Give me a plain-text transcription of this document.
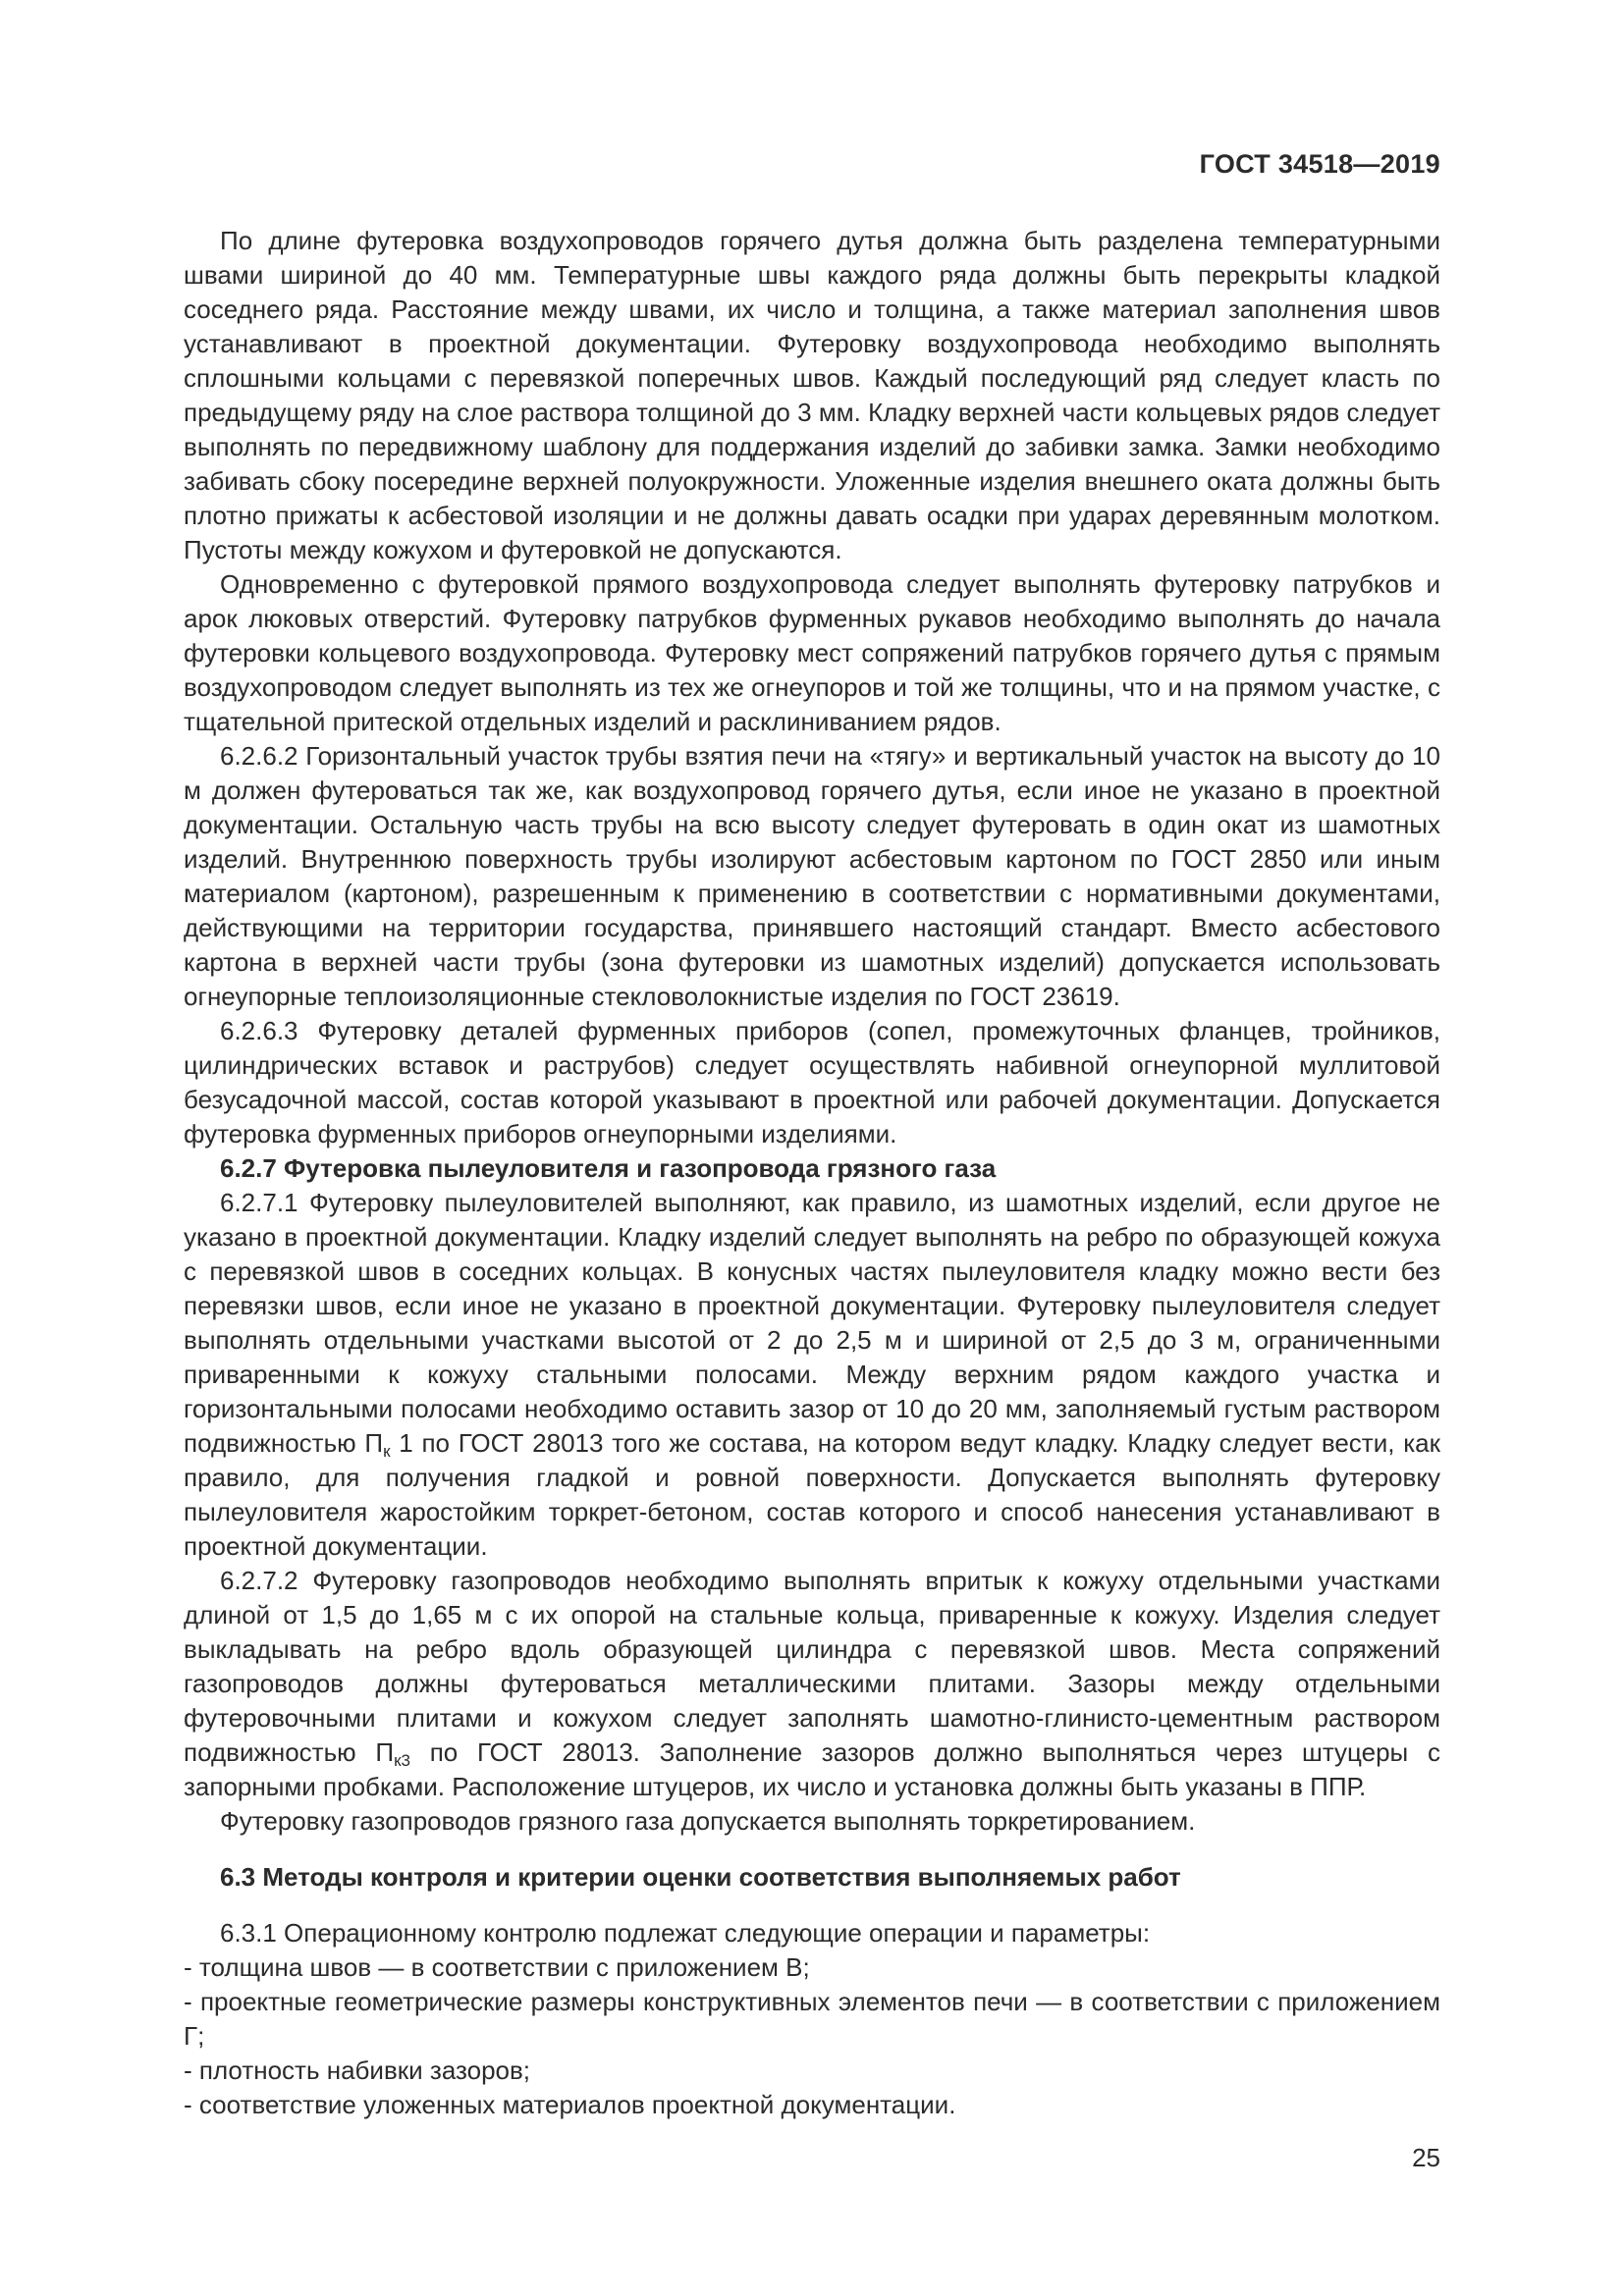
ГОСТ 34518—2019

По длине футеровка воздухопроводов горячего дутья должна быть разделена температурными швами шириной до 40 мм. Температурные швы каждого ряда должны быть перекрыты кладкой соседнего ряда. Расстояние между швами, их число и толщина, а также материал заполнения швов устанавливают в проектной документации. Футеровку воздухопровода необходимо выполнять сплошными кольцами с перевязкой поперечных швов. Каждый последующий ряд следует класть по предыдущему ряду на слое раствора толщиной до 3 мм. Кладку верхней части кольцевых рядов следует выполнять по передвижному шаблону для поддержания изделий до забивки замка. Замки необходимо забивать сбоку посередине верхней полуокружности. Уложенные изделия внешнего оката должны быть плотно прижаты к асбестовой изоляции и не должны давать осадки при ударах деревянным молотком. Пустоты между кожухом и футеровкой не допускаются.

Одновременно с футеровкой прямого воздухопровода следует выполнять футеровку патрубков и арок люковых отверстий. Футеровку патрубков фурменных рукавов необходимо выполнять до начала футеровки кольцевого воздухопровода. Футеровку мест сопряжений патрубков горячего дутья с прямым воздухопроводом следует выполнять из тех же огнеупоров и той же толщины, что и на прямом участке, с тщательной притеской отдельных изделий и расклиниванием рядов.

6.2.6.2 Горизонтальный участок трубы взятия печи на «тягу» и вертикальный участок на высоту до 10 м должен футероваться так же, как воздухопровод горячего дутья, если иное не указано в проектной документации. Остальную часть трубы на всю высоту следует футеровать в один окат из шамотных изделий. Внутреннюю поверхность трубы изолируют асбестовым картоном по ГОСТ 2850 или иным материалом (картоном), разрешенным к применению в соответствии с нормативными документами, действующими на территории государства, принявшего настоящий стандарт. Вместо асбестового картона в верхней части трубы (зона футеровки из шамотных изделий) допускается использовать огнеупорные теплоизоляционные стекловолокнистые изделия по ГОСТ 23619.

6.2.6.3 Футеровку деталей фурменных приборов (сопел, промежуточных фланцев, тройников, цилиндрических вставок и раструбов) следует осуществлять набивной огнеупорной муллитовой безусадочной массой, состав которой указывают в проектной или рабочей документации. Допускается футеровка фурменных приборов огнеупорными изделиями.

6.2.7 Футеровка пылеуловителя и газопровода грязного газа

6.2.7.1 Футеровку пылеуловителей выполняют, как правило, из шамотных изделий, если другое не указано в проектной документации. Кладку изделий следует выполнять на ребро по образующей кожуха с перевязкой швов в соседних кольцах. В конусных частях пылеуловителя кладку можно вести без перевязки швов, если иное не указано в проектной документации. Футеровку пылеуловителя следует выполнять отдельными участками высотой от 2 до 2,5 м и шириной от 2,5 до 3 м, ограниченными приваренными к кожуху стальными полосами. Между верхним рядом каждого участка и горизонтальными полосами необходимо оставить зазор от 10 до 20 мм, заполняемый густым раствором подвижностью $П_к$ 1 по ГОСТ 28013 того же состава, на котором ведут кладку. Кладку следует вести, как правило, для получения гладкой и ровной поверхности. Допускается выполнять футеровку пылеуловителя жаростойким торкрет-бетоном, состав которого и способ нанесения устанавливают в проектной документации.

6.2.7.2 Футеровку газопроводов необходимо выполнять впритык к кожуху отдельными участками длиной от 1,5 до 1,65 м с их опорой на стальные кольца, приваренные к кожуху. Изделия следует выкладывать на ребро вдоль образующей цилиндра с перевязкой швов. Места сопряжений газопроводов должны футероваться металлическими плитами. Зазоры между отдельными футеровочными плитами и кожухом следует заполнять шамотно-глинисто-цементным раствором подвижностью $П_{к3}$ по ГОСТ 28013. Заполнение зазоров должно выполняться через штуцеры с запорными пробками. Расположение штуцеров, их число и установка должны быть указаны в ППР.

Футеровку газопроводов грязного газа допускается выполнять торкретированием.

6.3 Методы контроля и критерии оценки соответствия выполняемых работ

6.3.1 Операционному контролю подлежат следующие операции и параметры:

- толщина швов — в соответствии с приложением В;

- проектные геометрические размеры конструктивных элементов печи — в соответствии с приложением Г;

- плотность набивки зазоров;

- соответствие уложенных материалов проектной документации.

25
